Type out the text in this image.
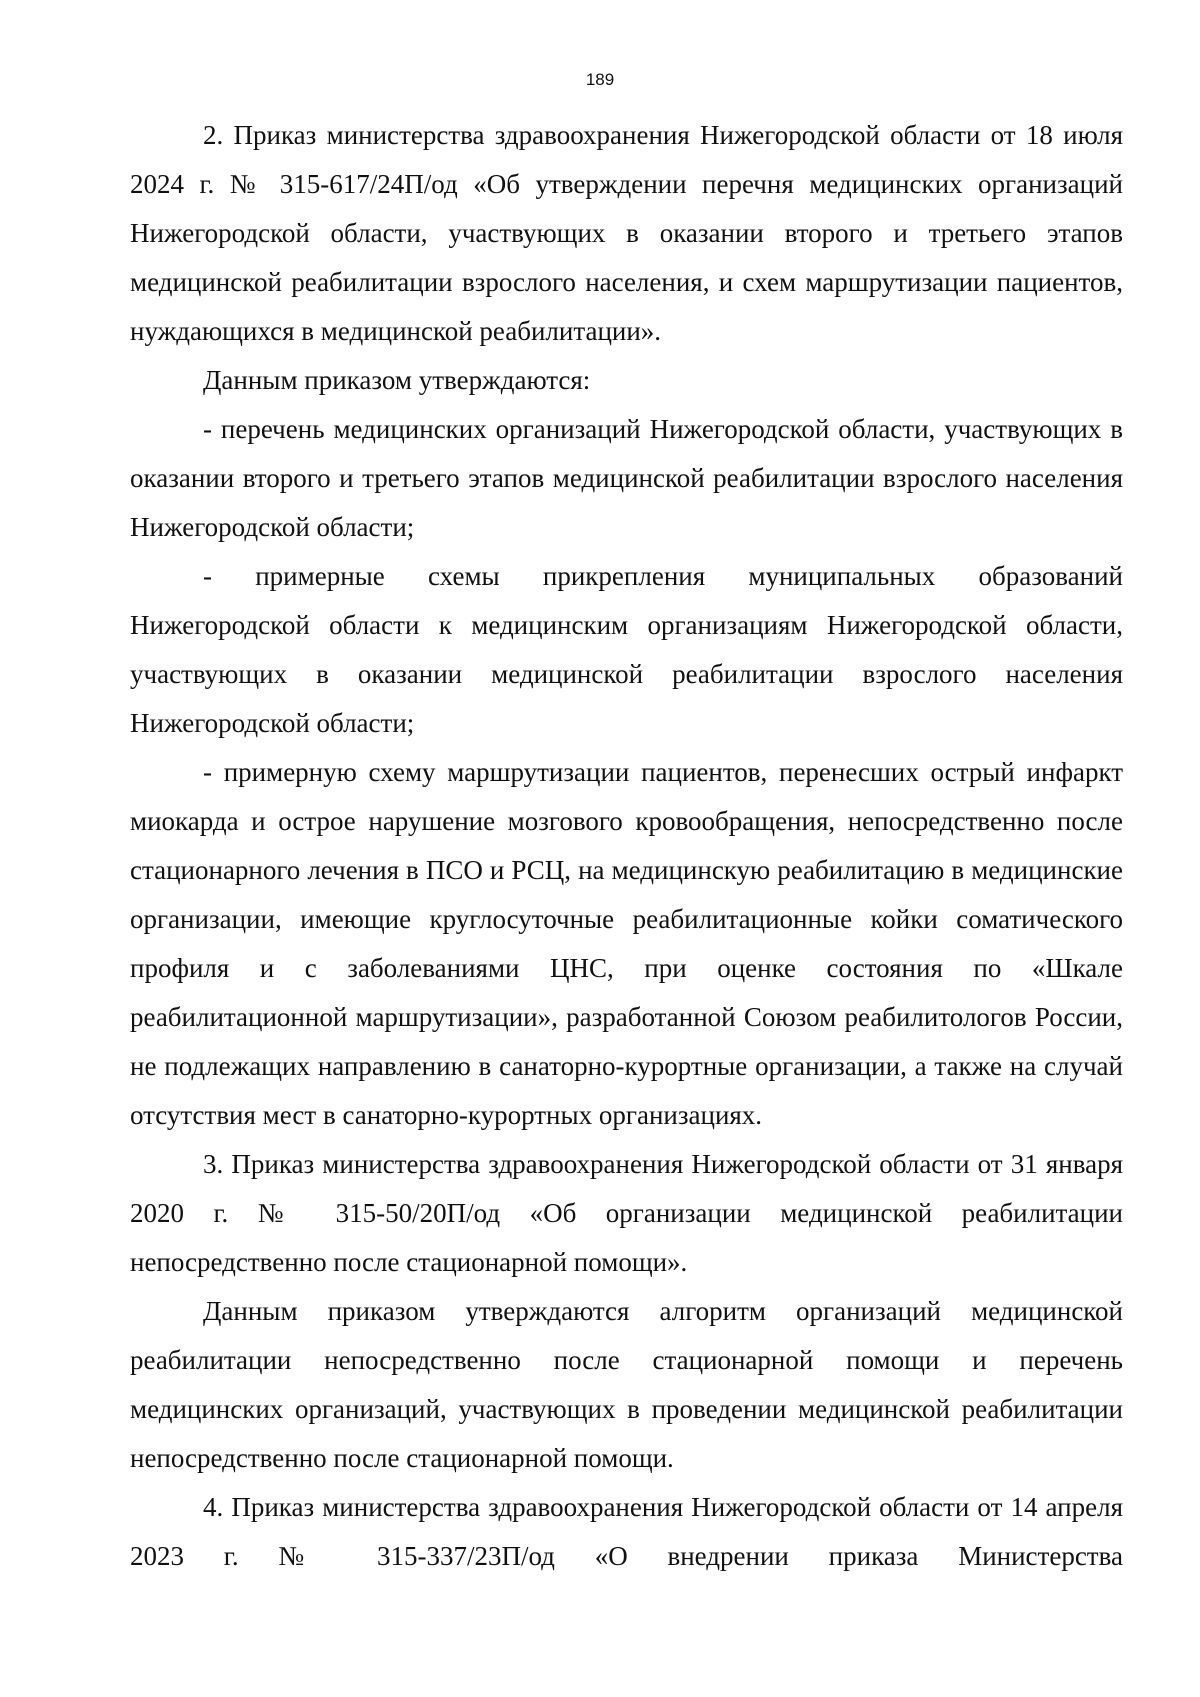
189

2. Приказ министерства здравоохранения Нижегородской области от 18 июля 2024 г. № 315-617/24П/од «Об утверждении перечня медицинских организаций Нижегородской области, участвующих в оказании второго и третьего этапов медицинской реабилитации взрослого населения, и схем маршрутизации пациентов, нуждающихся в медицинской реабилитации».

Данным приказом утверждаются:

- перечень медицинских организаций Нижегородской области, участвующих в оказании второго и третьего этапов медицинской реабилитации взрослого населения Нижегородской области;

- примерные схемы прикрепления муниципальных образований Нижегородской области к медицинским организациям Нижегородской области, участвующих в оказании медицинской реабилитации взрослого населения Нижегородской области;

- примерную схему маршрутизации пациентов, перенесших острый инфаркт миокарда и острое нарушение мозгового кровообращения, непосредственно после стационарного лечения в ПСО и РСЦ, на медицинскую реабилитацию в медицинские организации, имеющие круглосуточные реабилитационные койки соматического профиля и с заболеваниями ЦНС, при оценке состояния по «Шкале реабилитационной маршрутизации», разработанной Союзом реабилитологов России, не подлежащих направлению в санаторно-курортные организации, а также на случай отсутствия мест в санаторно-курортных организациях.

3. Приказ министерства здравоохранения Нижегородской области от 31 января 2020 г. № 315-50/20П/од «Об организации медицинской реабилитации непосредственно после стационарной помощи».

Данным приказом утверждаются алгоритм организаций медицинской реабилитации непосредственно после стационарной помощи и перечень медицинских организаций, участвующих в проведении медицинской реабилитации непосредственно после стационарной помощи.

4. Приказ министерства здравоохранения Нижегородской области от 14 апреля 2023 г. № 315-337/23П/од «О внедрении приказа Министерства
